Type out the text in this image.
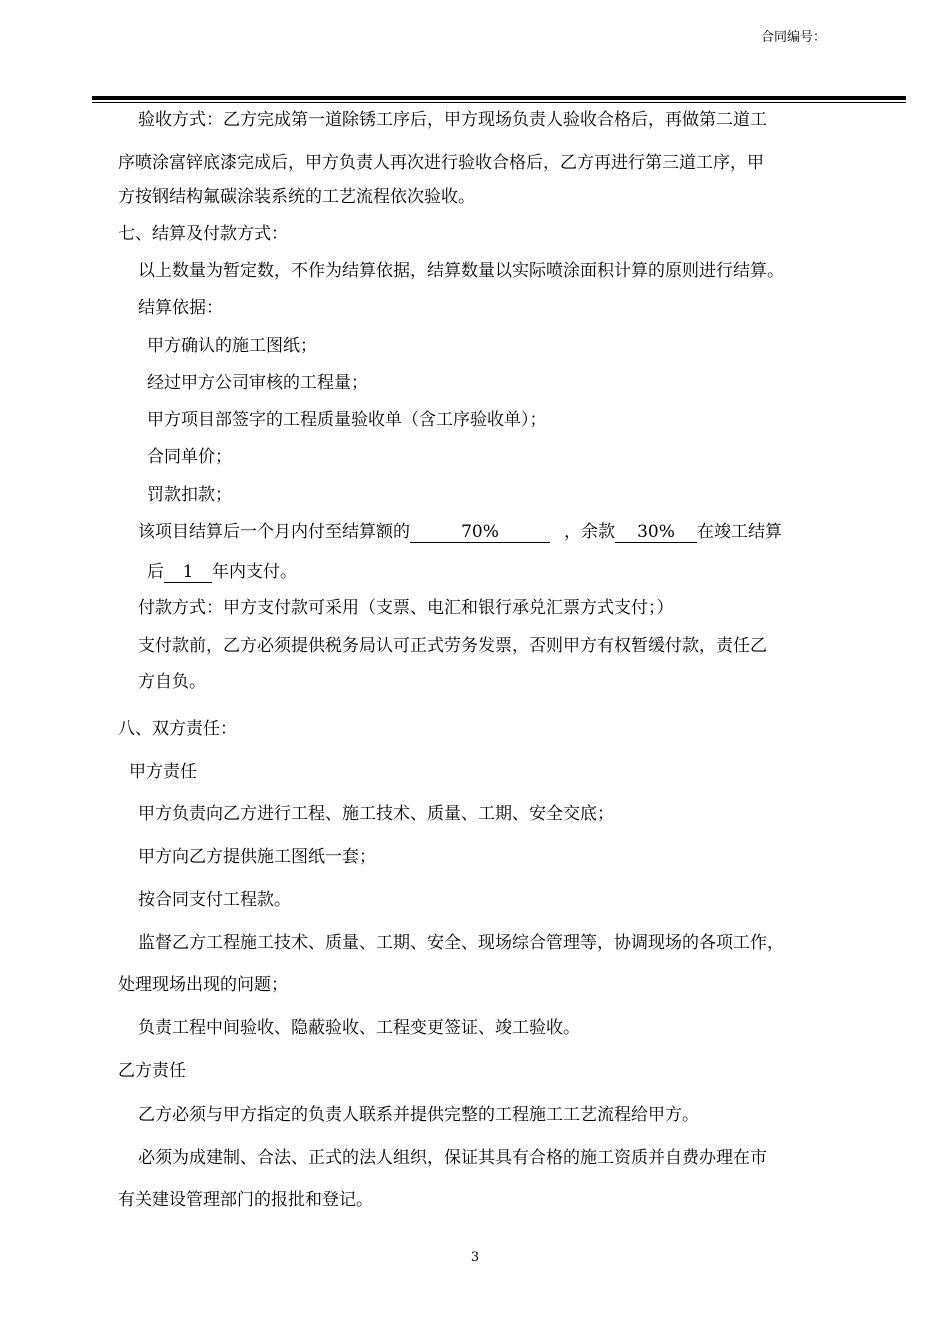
合同编号：
验收方式：乙方完成第一道除锈工序后，甲方现场负责人验收合格后，再做第二道工
序喷涂富锌底漆完成后，甲方负责人再次进行验收合格后，乙方再进行第三道工序，甲
方按钢结构氟碳涂装系统的工艺流程依次验收。
七、结算及付款方式：
以上数量为暂定数，不作为结算依据，结算数量以实际喷涂面积计算的原则进行结算。
结算依据：
甲方确认的施工图纸；
经过甲方公司审核的工程量；
甲方项目部签字的工程质量验收单（含工序验收单）；
合同单价；
罚款扣款；
该项目结算后一个月内付至结算额的	70%	，余款 30% 在竣工结算
后 1 年内支付。
付款方式：甲方支付款可采用（支票、电汇和银行承兑汇票方式支付；）
支付款前，乙方必须提供税务局认可正式劳务发票，否则甲方有权暂缓付款，责任乙
方自负。
八、双方责任：
甲方责任
甲方负责向乙方进行工程、施工技术、质量、工期、安全交底；
甲方向乙方提供施工图纸一套；
按合同支付工程款。
监督乙方工程施工技术、质量、工期、安全、现场综合管理等，协调现场的各项工作，
处理现场出现的问题；
负责工程中间验收、隐蔽验收、工程变更签证、竣工验收。
乙方责任
乙方必须与甲方指定的负责人联系并提供完整的工程施工工艺流程给甲方。
必须为成建制、合法、正式的法人组织，保证其具有合格的施工资质并自费办理在市
有关建设管理部门的报批和登记。
3
